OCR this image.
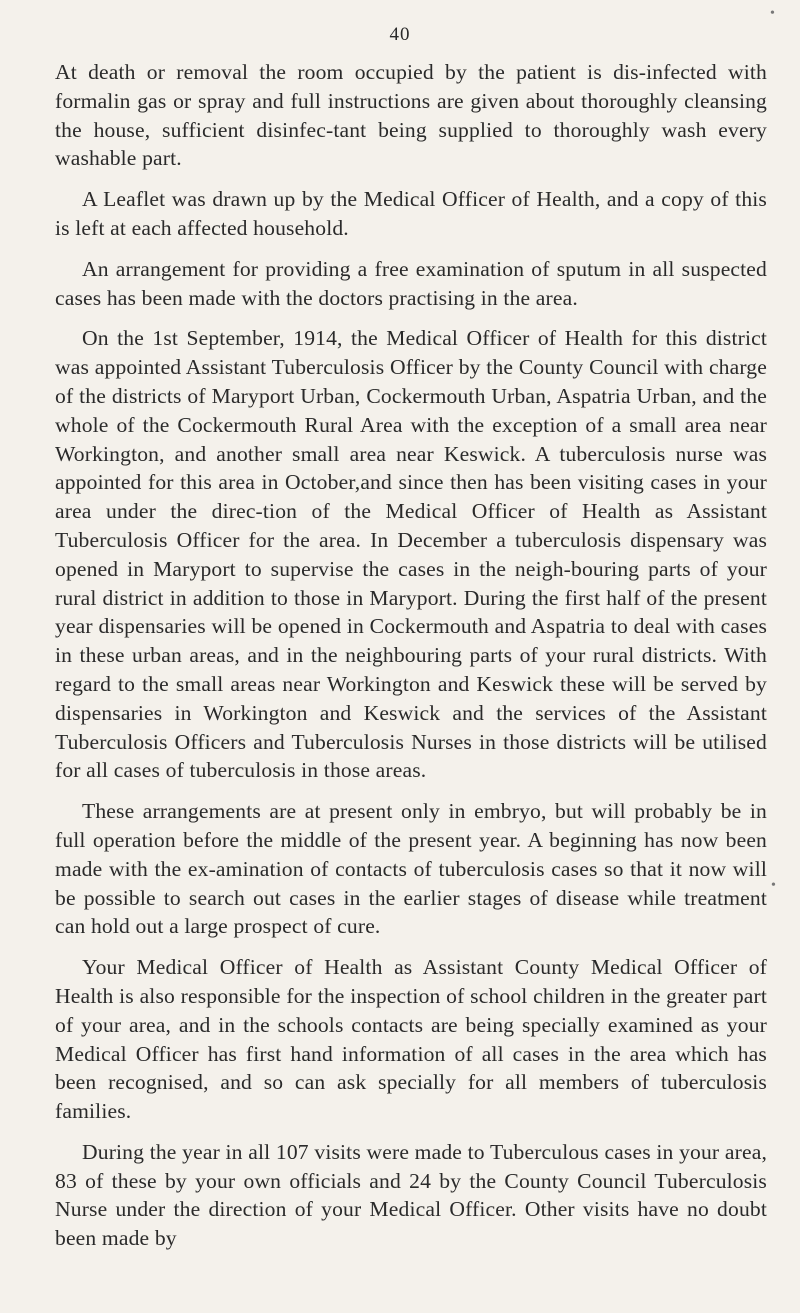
•
40

At death or removal the room occupied by the patient is dis-infected with formalin gas or spray and full instructions are given about thoroughly cleansing the house, sufficient disinfec-tant being supplied to thoroughly wash every washable part.

A Leaflet was drawn up by the Medical Officer of Health, and a copy of this is left at each affected household.

An arrangement for providing a free examination of sputum in all suspected cases has been made with the doctors practising in the area.

On the 1st September, 1914, the Medical Officer of Health for this district was appointed Assistant Tuberculosis Officer by the County Council with charge of the districts of Maryport Urban, Cockermouth Urban, Aspatria Urban, and the whole of the Cockermouth Rural Area with the exception of a small area near Workington, and another small area near Keswick. A tuberculosis nurse was appointed for this area in October,and since then has been visiting cases in your area under the direc-tion of the Medical Officer of Health as Assistant Tuberculosis Officer for the area. In December a tuberculosis dispensary was opened in Maryport to supervise the cases in the neigh-bouring parts of your rural district in addition to those in Maryport. During the first half of the present year dispensaries will be opened in Cockermouth and Aspatria to deal with cases in these urban areas, and in the neighbouring parts of your rural districts. With regard to the small areas near Workington and Keswick these will be served by dispensaries in Workington and Keswick and the services of the Assistant Tuberculosis Officers and Tuberculosis Nurses in those districts will be utilised for all cases of tuberculosis in those areas.

These arrangements are at present only in embryo, but will probably be in full operation before the middle of the present year. A beginning has now been made with the ex-amination of contacts of tuberculosis cases so that it now will be possible to search out cases in the earlier stages of disease while treatment can hold out a large prospect of cure.

Your Medical Officer of Health as Assistant County Medical Officer of Health is also responsible for the inspection of school children in the greater part of your area, and in the schools contacts are being specially examined as your Medical Officer has first hand information of all cases in the area which has been recognised, and so can ask specially for all members of tuberculosis families.

During the year in all 107 visits were made to Tuberculous cases in your area, 83 of these by your own officials and 24 by the County Council Tuberculosis Nurse under the direction of your Medical Officer. Other visits have no doubt been made by

•
